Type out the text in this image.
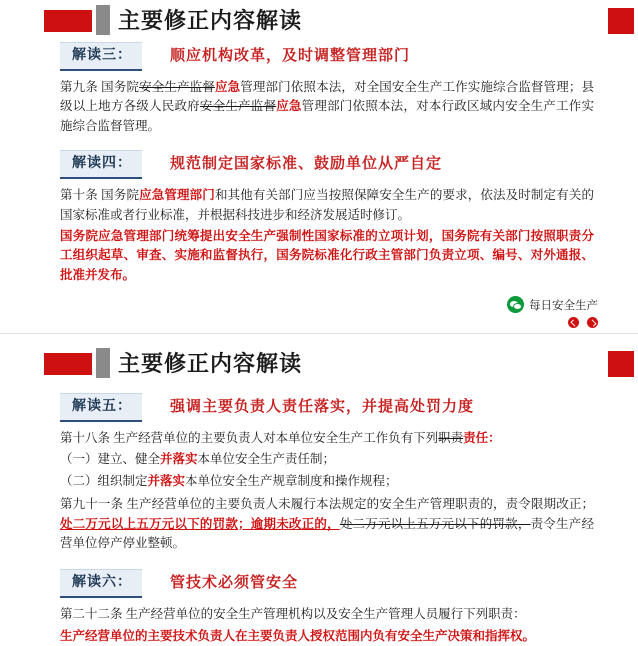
主要修正内容解读
解读三：	顺应机构改革，及时调整管理部门

第九条 国务院安全生产监督应急管理部门依照本法，对全国安全生产工作实施综合监督管理；县级以上地方各级人民政府安全生产监督应急管理部门依照本法，对本行政区域内安全生产工作实施综合监督管理。

解读四：	规范制定国家标准、鼓励单位从严自定

第十条 国务院应急管理部门和其他有关部门应当按照保障安全生产的要求，依法及时制定有关的国家标准或者行业标准，并根据科技进步和经济发展适时修订。

国务院应急管理部门统筹提出安全生产强制性国家标准的立项计划，国务院有关部门按照职责分工组织起草、审查、实施和监督执行，国务院标准化行政主管部门负责立项、编号、对外通报、批准并发布。

每日安全生产
主要修正内容解读
解读五：	强调主要负责人责任落实，并提高处罚力度

第十八条 生产经营单位的主要负责人对本单位安全生产工作负有下列职责责任：

（一）建立、健全并落实本单位安全生产责任制；

（二）组织制定并落实本单位安全生产规章制度和操作规程；

第九十一条 生产经营单位的主要负责人未履行本法规定的安全生产管理职责的，责令限期改正；处二万元以上五万元以下的罚款；逾期未改正的，处二万元以上五万元以下的罚款，责令生产经营单位停产停业整顿。

解读六：	管技术必须管安全

第二十二条 生产经营单位的安全生产管理机构以及安全生产管理人员履行下列职责：

生产经营单位的主要技术负责人在主要负责人授权范围内负有安全生产决策和指挥权。
